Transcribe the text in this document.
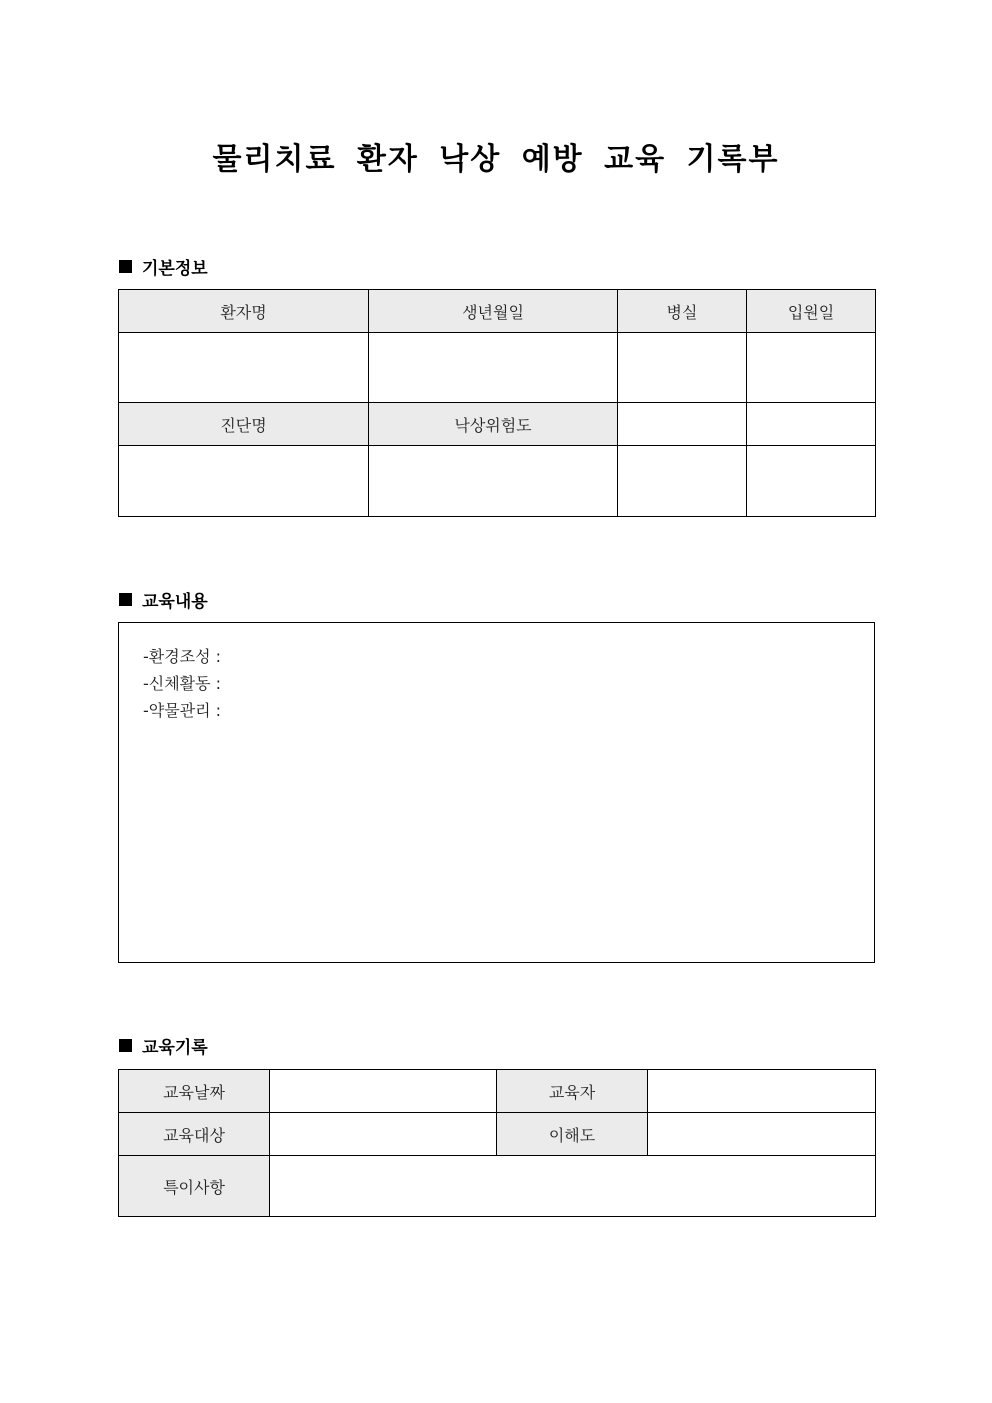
물리치료 환자 낙상 예방 교육 기록부
기본정보
환자명	생년월일	병실	입원일

진단명	낙상위험도		

교육내용
-환경조성 :
-신체활동 :
-약물관리 :
교육기록
교육날짜		교육자	
교육대상		이해도	
특이사항			
